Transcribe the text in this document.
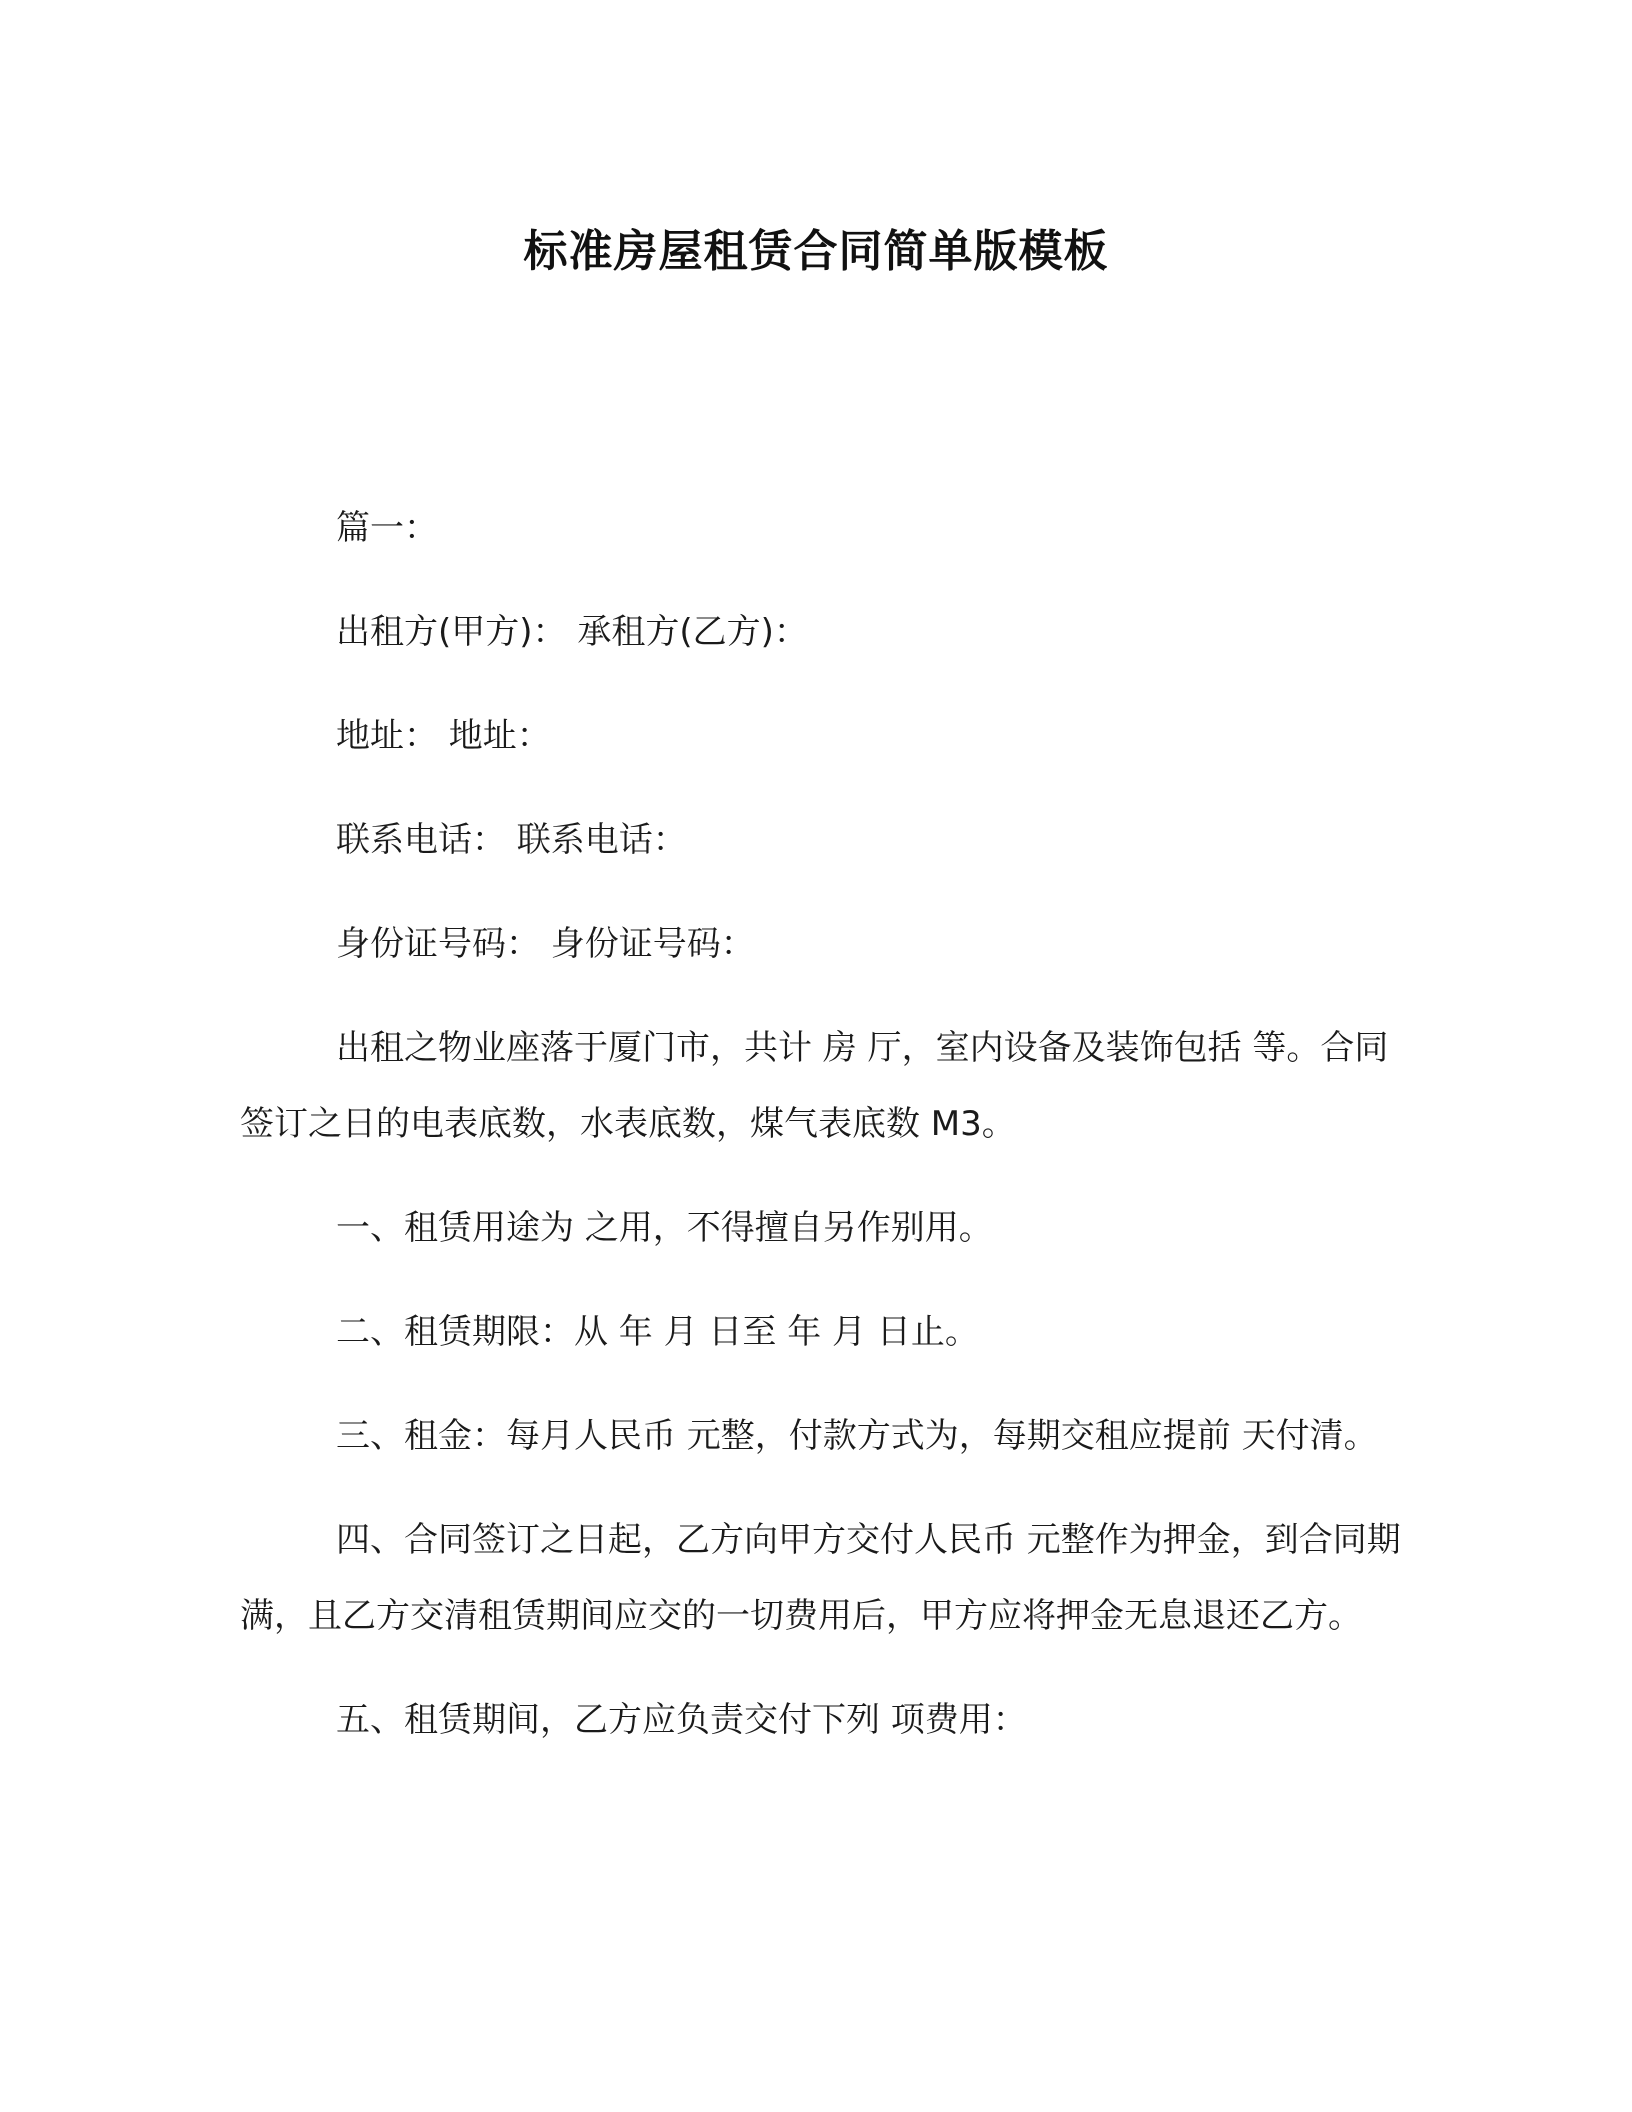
标准房屋租赁合同简单版模板

篇一：

出租方(甲方)： 承租方(乙方)：

地址： 地址：

联系电话： 联系电话：

身份证号码： 身份证号码：

出租之物业座落于厦门市，共计 房 厅，室内设备及装饰包括 等。合同签订之日的电表底数，水表底数，煤气表底数 M3。

一、租赁用途为 之用，不得擅自另作别用。

二、租赁期限：从 年 月 日至 年 月 日止。

三、租金：每月人民币 元整，付款方式为，每期交租应提前 天付清。

四、合同签订之日起，乙方向甲方交付人民币 元整作为押金，到合同期满，且乙方交清租赁期间应交的一切费用后，甲方应将押金无息退还乙方。

五、租赁期间，乙方应负责交付下列 项费用：
